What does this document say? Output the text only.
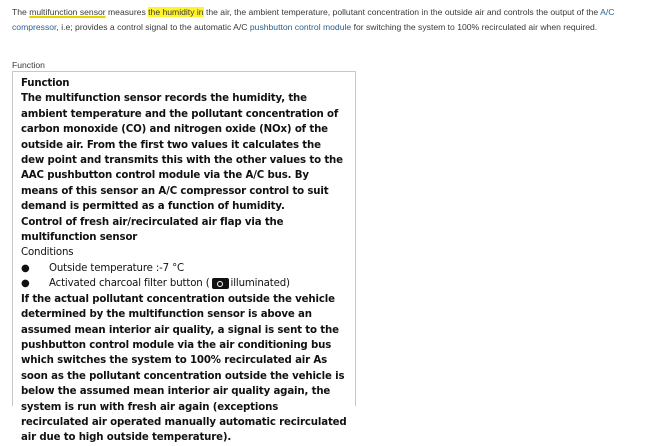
The multifunction sensor measures the humidity in the air, the ambient temperature, pollutant concentration in the outside air and controls the output of the A/C compressor, i.e; provides a control signal to the automatic A/C pushbutton control module for switching the system to 100% recirculated air when required.
Function

Function

The multifunction sensor records the humidity, the ambient temperature and the pollutant concentration of carbon monoxide (CO) and nitrogen oxide (NOx) of the outside air. From the first two values it calculates the dew point and transmits this with the other values to the AAC pushbutton control module via the A/C bus. By means of this sensor an A/C compressor control to suit demand is permitted as a function of humidity.

Control of fresh air/recirculated air flap via the multifunction sensor

Conditions

●	Outside temperature :-7 °C
●	Activated charcoal filter button ( illuminated)

If the actual pollutant concentration outside the vehicle determined by the multifunction sensor is above an assumed mean interior air quality, a signal is sent to the pushbutton control module via the air conditioning bus which switches the system to 100% recirculated air As soon as the pollutant concentration outside the vehicle is below the assumed mean interior air quality again, the system is run with fresh air again (exceptions recirculated air operated manually automatic recirculated air due to high outside temperature).
